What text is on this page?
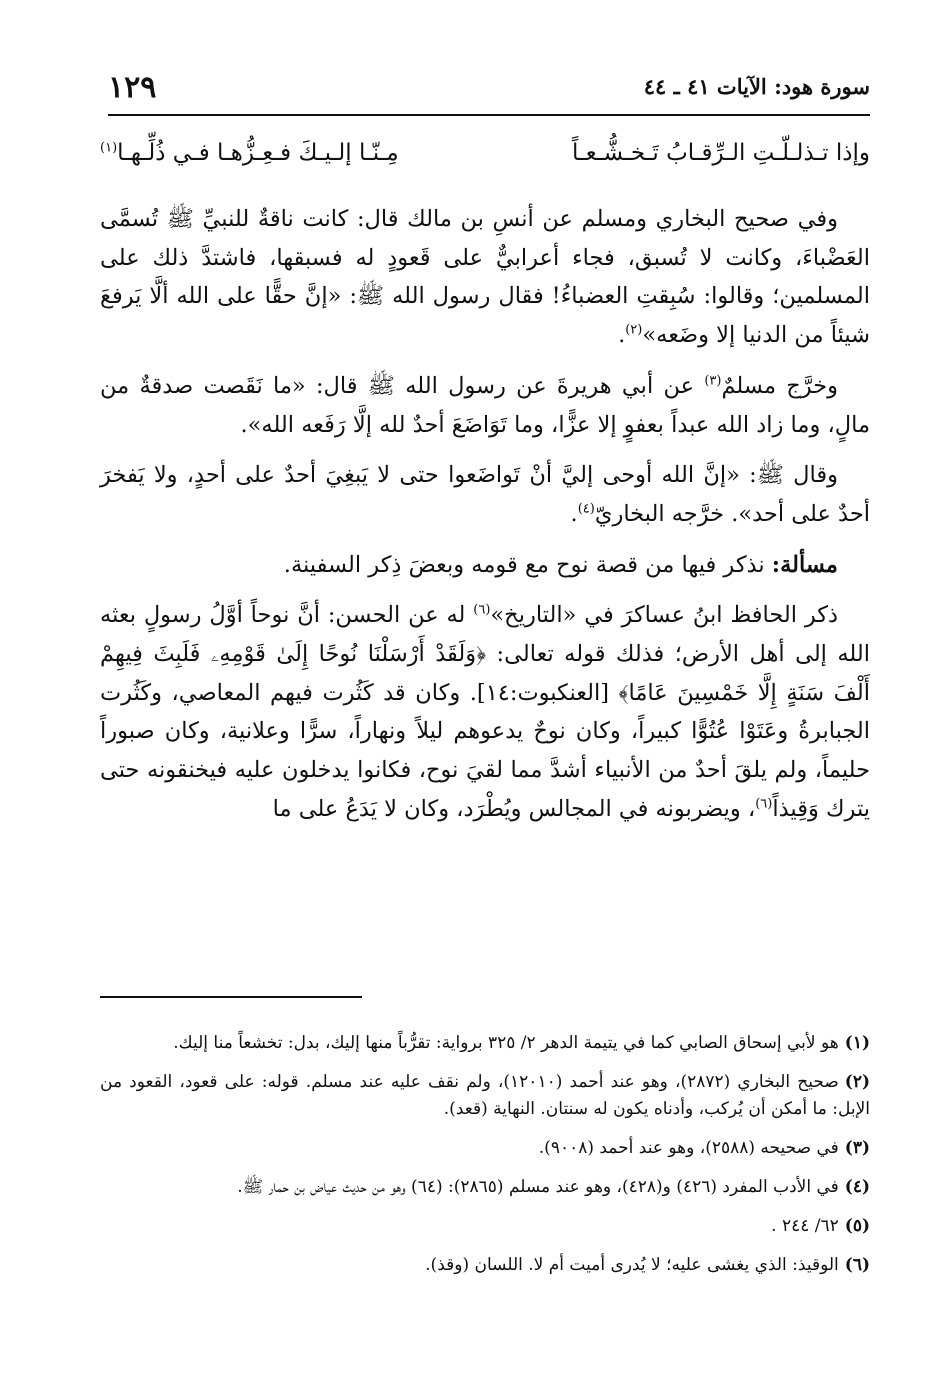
سورة هود: الآيات ٤١ ـ ٤٤
١٢٩
وإذا تـذلـلّـتِ الـرِّقـابُ تَـخـشُّـعـاً
مِـنّـا إلـيـكَ فـعِـزُّهـا فـي ذُلِّـهـا$^{(١)}$

وفي صحيح البخاري ومسلم عن أنسِ بن مالك قال: كانت ناقةٌ للنبيِّ ﷺ تُسمَّى العَضْباءَ، وكانت لا تُسبق، فجاء أعرابيٌّ على قَعودٍ له فسبقها، فاشتدَّ ذلك على المسلمين؛ وقالوا: سُبِقتِ العضباءُ! فقال رسول الله ﷺ: «إنَّ حقًّا على الله ألَّا يَرفعَ شيئاً من الدنيا إلا وضَعه»$^{(٢)}$.

وخرَّج مسلمٌ$^{(٣)}$ عن أبي هريرةَ عن رسول الله ﷺ قال: «ما نَقَصت صدقةٌ من مالٍ، وما زاد الله عبداً بعفوٍ إلا عزًّا، وما تَوَاضَعَ أحدٌ لله إلَّا رَفَعه الله».

وقال ﷺ: «إنَّ الله أوحى إليَّ أنْ تَواضَعوا حتى لا يَبغِيَ أحدٌ على أحدٍ، ولا يَفخرَ أحدٌ على أحد». خرَّجه البخاريّ$^{(٤)}$.

مسألة: نذكر فيها من قصة نوح مع قومه وبعضَ ذِكر السفينة.

ذكر الحافظ ابنُ عساكرَ في «التاريخ»$^{(٦)}$ له عن الحسن: أنَّ نوحاً أوَّلُ رسولٍ بعثه الله إلى أهل الأرض؛ فذلك قوله تعالى: ﴿وَلَقَدْ أَرْسَلْنَا نُوحًا إِلَىٰ قَوْمِهِۦ فَلَبِثَ فِيهِمْ أَلْفَ سَنَةٍ إِلَّا خَمْسِينَ عَامًا﴾ [العنكبوت:١٤]. وكان قد كَثُرت فيهم المعاصي، وكَثُرت الجبابرةُ وعَتَوْا عُتُوًّا كبيراً، وكان نوحٌ يدعوهم ليلاً ونهاراً، سرًّا وعلانية، وكان صبوراً حليماً، ولم يلقَ أحدٌ من الأنبياء أشدَّ مما لقيَ نوح، فكانوا يدخلون عليه فيخنقونه حتى يترك وَقِيذاً$^{(٦)}$، ويضربونه في المجالس ويُطْرَد، وكان لا يَدَعُ على ما

(١)هو لأبي إسحاق الصابي كما في يتيمة الدهر ٢/ ٣٢٥ برواية: تقرُّباً منها إليك، بدل: تخشعاً منا إليك.
(٢)صحيح البخاري (٢٨٧٢)، وهو عند أحمد (١٢٠١٠)، ولم نقف عليه عند مسلم. قوله: على قعود، القعود من الإبل: ما أمكن أن يُركب، وأدناه يكون له سنتان. النهاية (قعد).
(٣)في صحيحه (٢٥٨٨)، وهو عند أحمد (٩٠٠٨).
(٤)في الأدب المفرد (٤٢٦) و(٤٢٨)، وهو عند مسلم (٢٨٦٥): (٦٤) وهو من حديث عياض بن حمار ﷺ.
(٥)٦٢/ ٢٤٤ .
(٦)الوقيذ: الذي يغشى عليه؛ لا يُدرى أميت أم لا. اللسان (وقذ).
